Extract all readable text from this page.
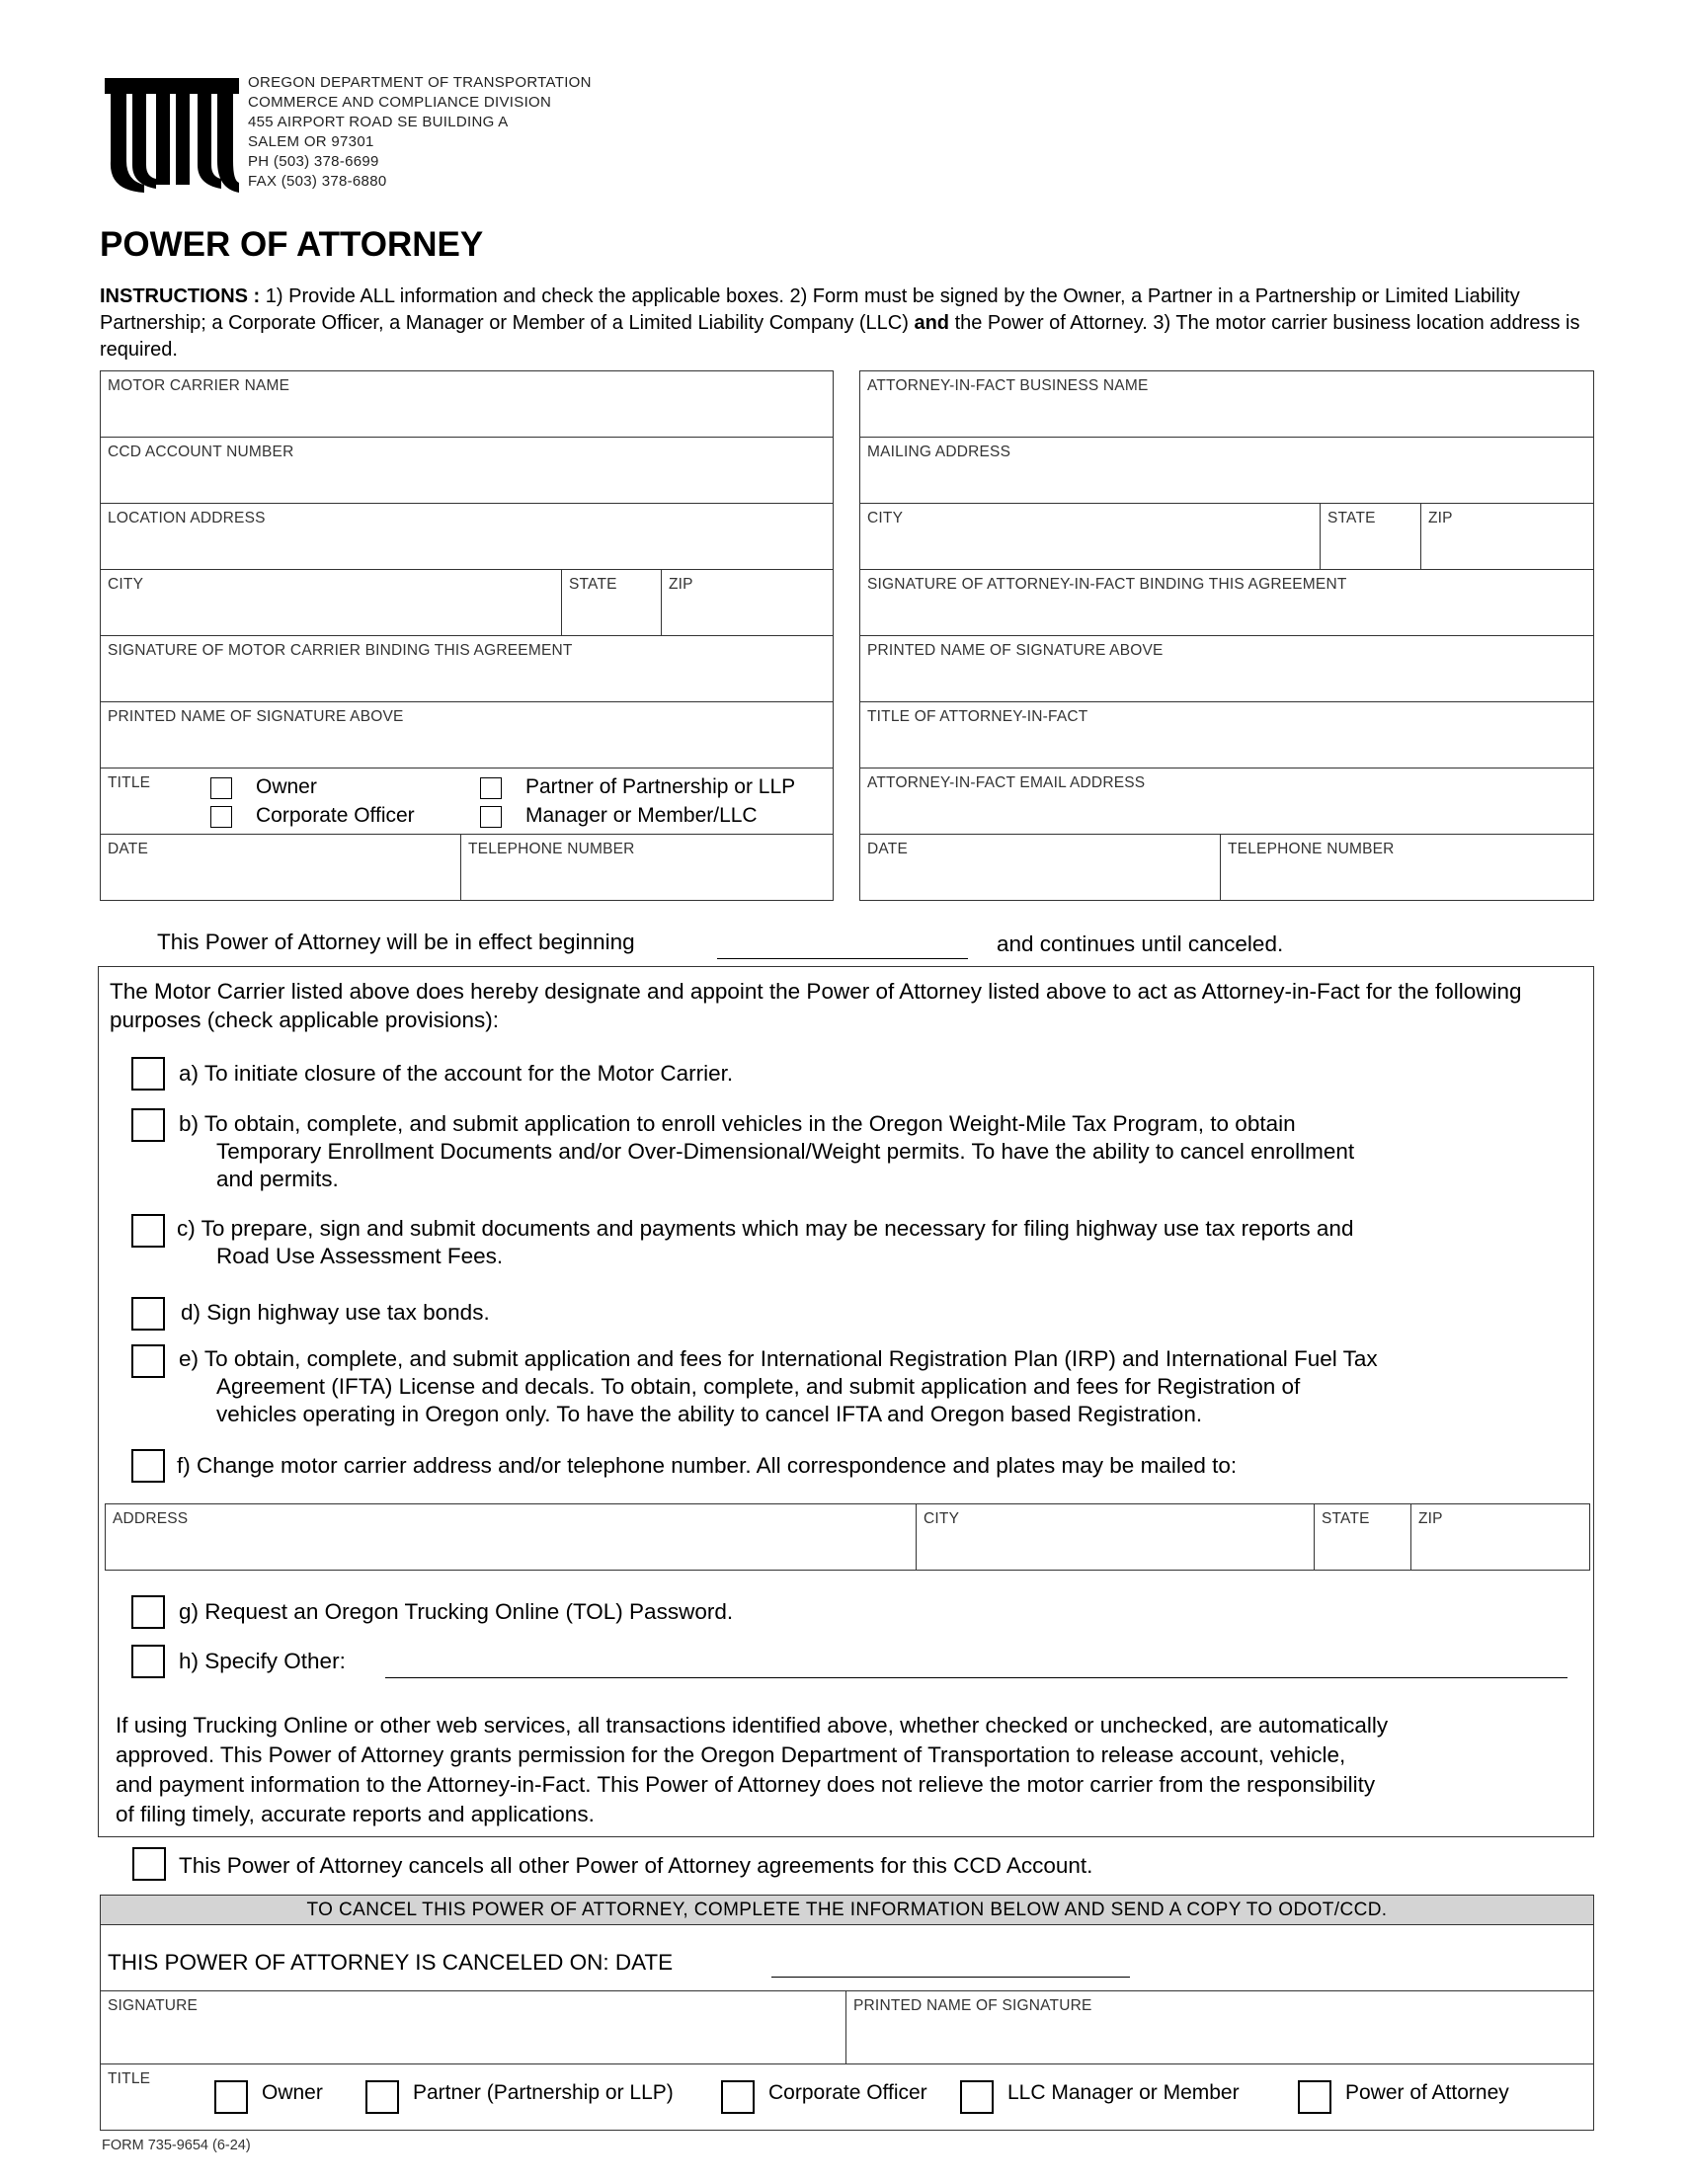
OREGON DEPARTMENT OF TRANSPORTATION
COMMERCE AND COMPLIANCE DIVISION
455 AIRPORT ROAD SE BUILDING A
SALEM OR 97301
PH (503) 378-6699
FAX (503) 378-6880
POWER OF ATTORNEY
INSTRUCTIONS : 1) Provide ALL information and check the applicable boxes. 2) Form must be signed by the Owner, a Partner in a Partnership or Limited Liability Partnership; a Corporate Officer, a Manager or Member of a Limited Liability Company (LLC) and the Power of Attorney. 3) The motor carrier business location address is required.
MOTOR CARRIER NAME
CCD ACCOUNT NUMBER
LOCATION ADDRESS
CITY	STATE	ZIP
SIGNATURE OF MOTOR CARRIER BINDING THIS AGREEMENT
PRINTED NAME OF SIGNATURE ABOVE
TITLE	Owner
Corporate Officer
Partner of Partnership or LLP
Manager or Member/LLC
DATE	TELEPHONE NUMBER
ATTORNEY-IN-FACT BUSINESS NAME
MAILING ADDRESS
CITY	STATE	ZIP
SIGNATURE OF ATTORNEY-IN-FACT BINDING THIS AGREEMENT
PRINTED NAME OF SIGNATURE ABOVE
TITLE OF ATTORNEY-IN-FACT
ATTORNEY-IN-FACT EMAIL ADDRESS
DATE	TELEPHONE NUMBER
This Power of Attorney will be in effect beginning	and continues until canceled.
The Motor Carrier listed above does hereby designate and appoint the Power of Attorney listed above to act as Attorney-in-Fact for the following purposes (check applicable provisions):
a) To initiate closure of the account for the Motor Carrier.
b) To obtain, complete, and submit application to enroll vehicles in the Oregon Weight-Mile Tax Program, to obtain
Temporary Enrollment Documents and/or Over-Dimensional/Weight permits. To have the ability to cancel enrollment
and permits.
c) To prepare, sign and submit documents and payments which may be necessary for filing highway use tax reports and
Road Use Assessment Fees.
d) Sign highway use tax bonds.
e) To obtain, complete, and submit application and fees for International Registration Plan (IRP) and International Fuel Tax
Agreement (IFTA) License and decals. To obtain, complete, and submit application and fees for Registration of
vehicles operating in Oregon only. To have the ability to cancel IFTA and Oregon based Registration.
f) Change motor carrier address and/or telephone number. All correspondence and plates may be mailed to:
ADDRESS	CITY	STATE	ZIP
g) Request an Oregon Trucking Online (TOL) Password.
h) Specify Other:
If using Trucking Online or other web services, all transactions identified above, whether checked or unchecked, are automatically
approved. This Power of Attorney grants permission for the Oregon Department of Transportation to release account, vehicle,
and payment information to the Attorney-in-Fact. This Power of Attorney does not relieve the motor carrier from the responsibility
of filing timely, accurate reports and applications.
This Power of Attorney cancels all other Power of Attorney agreements for this CCD Account.
TO CANCEL THIS POWER OF ATTORNEY, COMPLETE THE INFORMATION BELOW AND SEND A COPY TO ODOT/CCD.
THIS POWER OF ATTORNEY IS CANCELED ON: DATE
SIGNATURE	PRINTED NAME OF SIGNATURE
TITLE
Owner	Partner (Partnership or LLP)	Corporate Officer	LLC Manager or Member	Power of Attorney
FORM 735-9654 (6-24)
